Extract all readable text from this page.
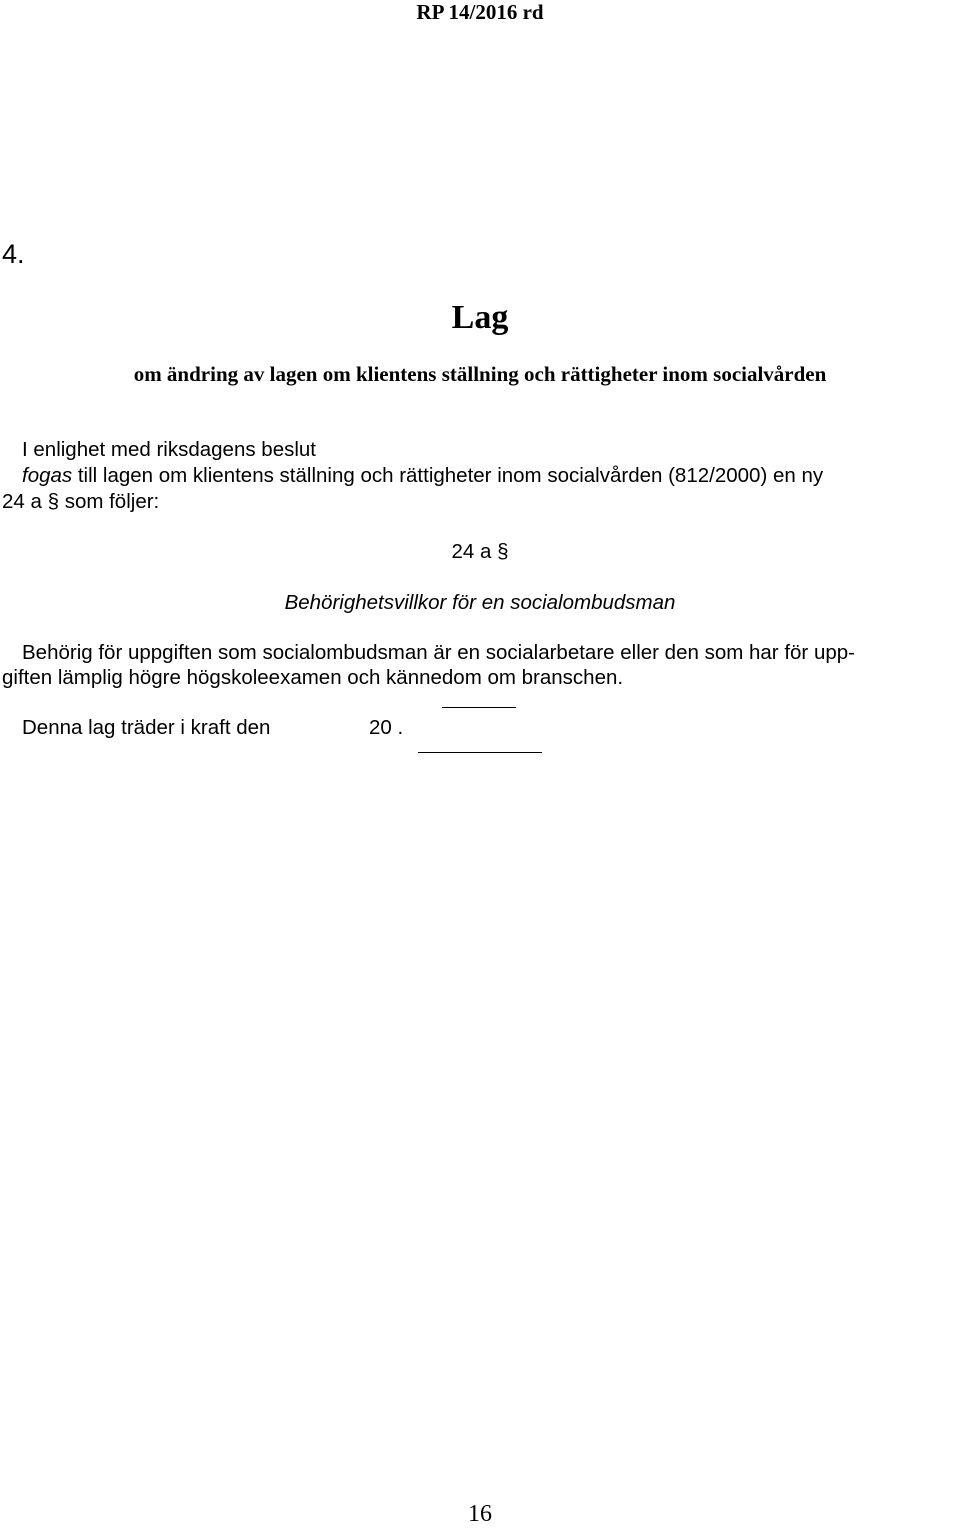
RP 14/2016 rd
4.
Lag
om ändring av lagen om klientens ställning och rättigheter inom socialvården
I enlighet med riksdagens beslut
fogas till lagen om klientens ställning och rättigheter inom socialvården (812/2000) en ny
24 a § som följer:
24 a §
Behörighetsvillkor för en socialombudsman
Behörig för uppgiften som socialombudsman är en socialarbetare eller den som har för upp-
giften lämplig högre högskoleexamen och kännedom om branschen.
Denna lag träder i kraft den	20 .
16
